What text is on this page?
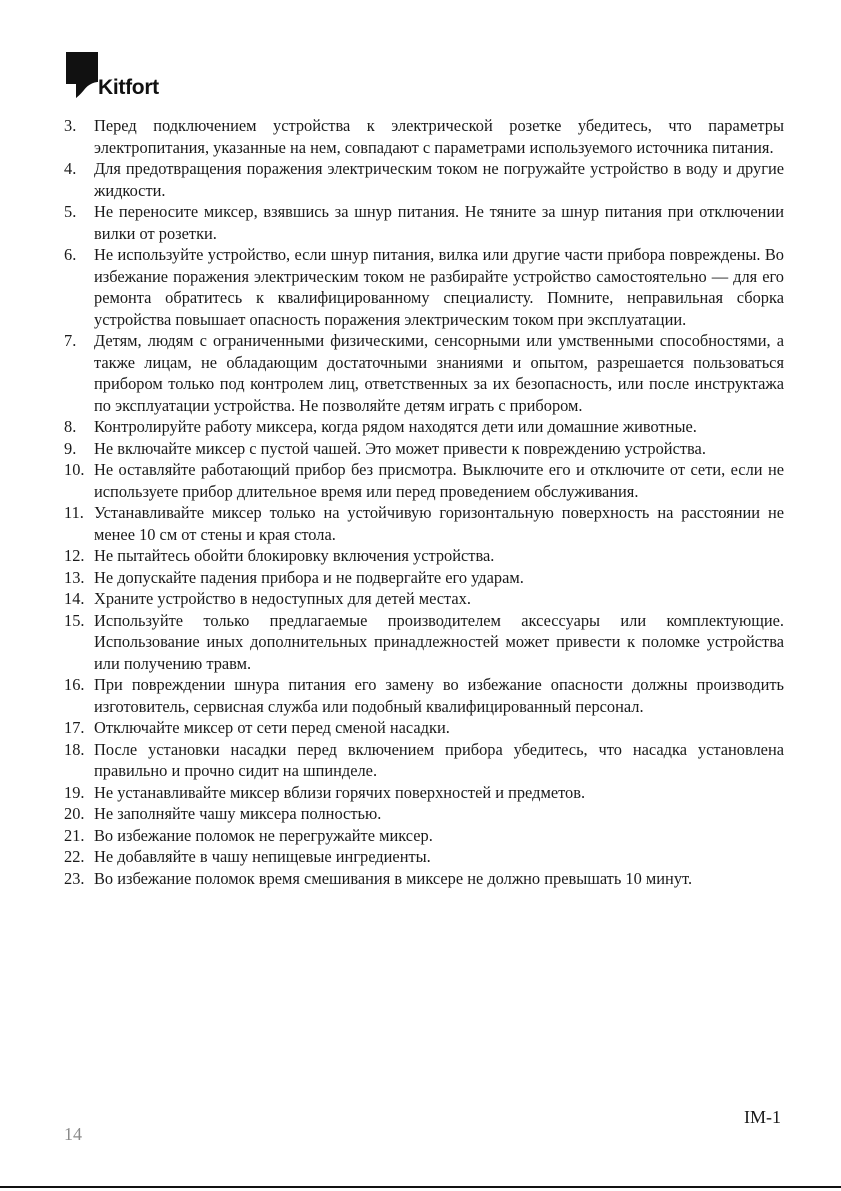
Kitfort
3. Перед подключением устройства к электрической розетке убедитесь, что параметры электропитания, указанные на нем, совпадают с параметрами используемого источника питания.
4. Для предотвращения поражения электрическим током не погружайте устройство в воду и другие жидкости.
5. Не переносите миксер, взявшись за шнур питания. Не тяните за шнур питания при отключении вилки от розетки.
6. Не используйте устройство, если шнур питания, вилка или другие части прибора повреждены. Во избежание поражения электрическим током не разбирайте устройство самостоятельно — для его ремонта обратитесь к квалифицированному специалисту. Помните, неправильная сборка устройства повышает опасность поражения электрическим током при эксплуатации.
7. Детям, людям с ограниченными физическими, сенсорными или умственными способностями, а также лицам, не обладающим достаточными знаниями и опытом, разрешается пользоваться прибором только под контролем лиц, ответственных за их безопасность, или после инструктажа по эксплуатации устройства. Не позволяйте детям играть с прибором.
8. Контролируйте работу миксера, когда рядом находятся дети или домашние животные.
9. Не включайте миксер с пустой чашей. Это может привести к повреждению устройства.
10. Не оставляйте работающий прибор без присмотра. Выключите его и отключите от сети, если не используете прибор длительное время или перед проведением обслуживания.
11. Устанавливайте миксер только на устойчивую горизонтальную поверхность на расстоянии не менее 10 см от стены и края стола.
12. Не пытайтесь обойти блокировку включения устройства.
13. Не допускайте падения прибора и не подвергайте его ударам.
14. Храните устройство в недоступных для детей местах.
15. Используйте только предлагаемые производителем аксессуары или комплектующие. Использование иных дополнительных принадлежностей может привести к поломке устройства или получению травм.
16. При повреждении шнура питания его замену во избежание опасности должны производить изготовитель, сервисная служба или подобный квалифицированный персонал.
17. Отключайте миксер от сети перед сменой насадки.
18. После установки насадки перед включением прибора убедитесь, что насадка установлена правильно и прочно сидит на шпинделе.
19. Не устанавливайте миксер вблизи горячих поверхностей и предметов.
20. Не заполняйте чашу миксера полностью.
21. Во избежание поломок не перегружайте миксер.
22. Не добавляйте в чашу непищевые ингредиенты.
23. Во избежание поломок время смешивания в миксере не должно превышать 10 минут.
IM-1
14
